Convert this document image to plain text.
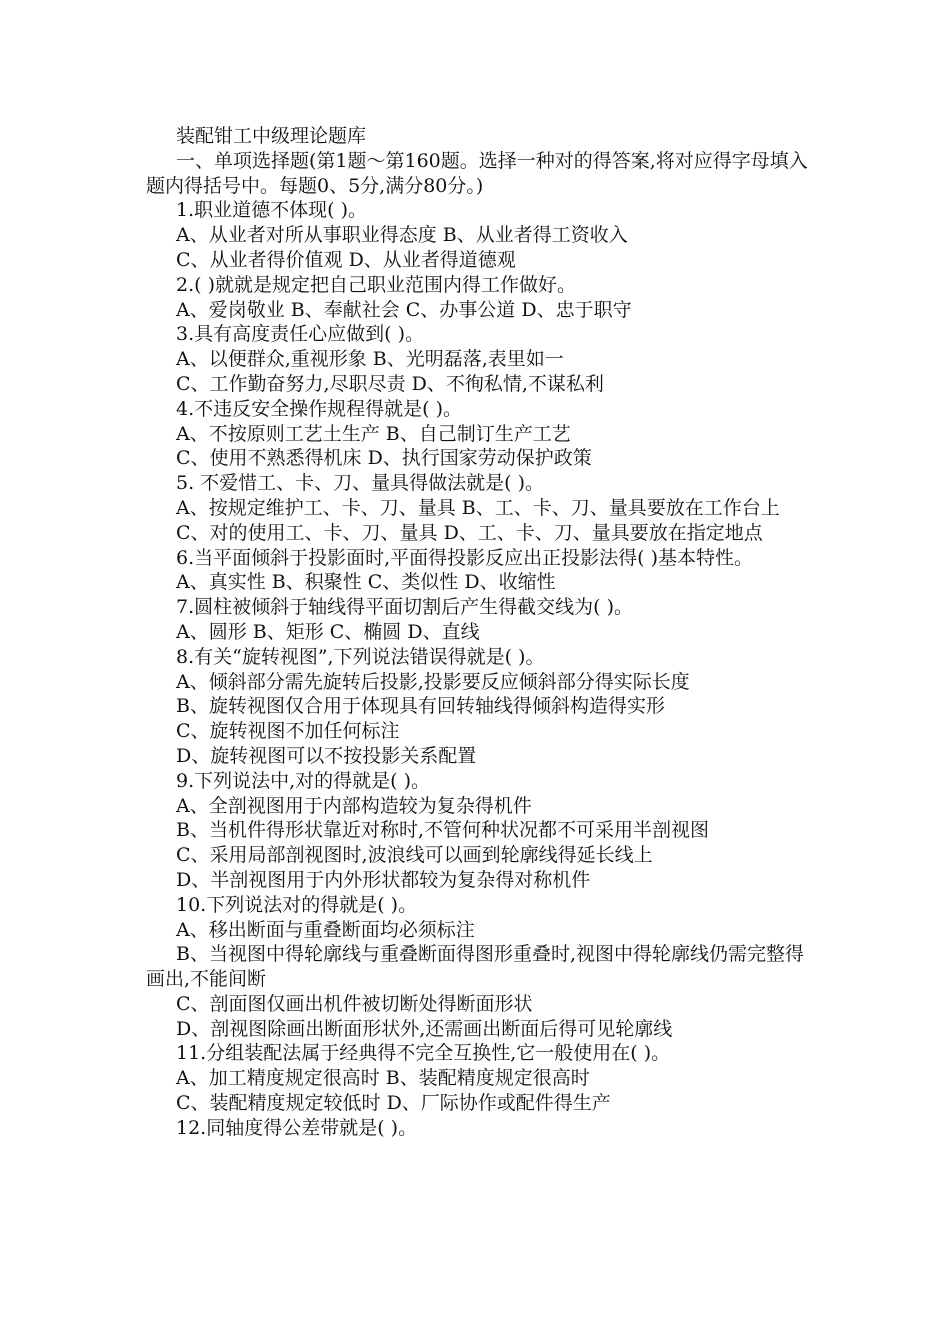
装配钳工中级理论题库
一、单项选择题(第1题～第160题。选择一种对的得答案,将对应得字母填入题内得括号中。每题0、5分,满分80分。)
1.职业道德不体现( )。
A、从业者对所从事职业得态度 B、从业者得工资收入
C、从业者得价值观 D、从业者得道德观
2.( )就就是规定把自己职业范围内得工作做好。
A、爱岗敬业 B、奉献社会 C、办事公道 D、忠于职守
3.具有高度责任心应做到( )。
A、以便群众,重视形象 B、光明磊落,表里如一
C、工作勤奋努力,尽职尽责 D、不徇私情,不谋私利
4.不违反安全操作规程得就是( )。
A、不按原则工艺土生产 B、自己制订生产工艺
C、使用不熟悉得机床 D、执行国家劳动保护政策
5. 不爱惜工、卡、刀、量具得做法就是( )。
A、按规定维护工、卡、刀、量具 B、工、卡、刀、量具要放在工作台上
C、对的使用工、卡、刀、量具 D、工、卡、刀、量具要放在指定地点
6.当平面倾斜于投影面时,平面得投影反应出正投影法得( )基本特性。
A、真实性 B、积聚性 C、类似性 D、收缩性
7.圆柱被倾斜于轴线得平面切割后产生得截交线为( )。
A、圆形 B、矩形 C、椭圆 D、直线
8.有关“旋转视图”,下列说法错误得就是( )。
A、倾斜部分需先旋转后投影,投影要反应倾斜部分得实际长度
B、旋转视图仅合用于体现具有回转轴线得倾斜构造得实形
C、旋转视图不加任何标注
D、旋转视图可以不按投影关系配置
9.下列说法中,对的得就是( )。
A、全剖视图用于内部构造较为复杂得机件
B、当机件得形状靠近对称时,不管何种状况都不可采用半剖视图
C、采用局部剖视图时,波浪线可以画到轮廓线得延长线上
D、半剖视图用于内外形状都较为复杂得对称机件
10.下列说法对的得就是( )。
A、移出断面与重叠断面均必须标注
B、当视图中得轮廓线与重叠断面得图形重叠时,视图中得轮廓线仍需完整得画出,不能间断
C、剖面图仅画出机件被切断处得断面形状
D、剖视图除画出断面形状外,还需画出断面后得可见轮廓线
11.分组装配法属于经典得不完全互换性,它一般使用在( )。
A、加工精度规定很高时 B、装配精度规定很高时
C、装配精度规定较低时 D、厂际协作或配件得生产
12.同轴度得公差带就是( )。
